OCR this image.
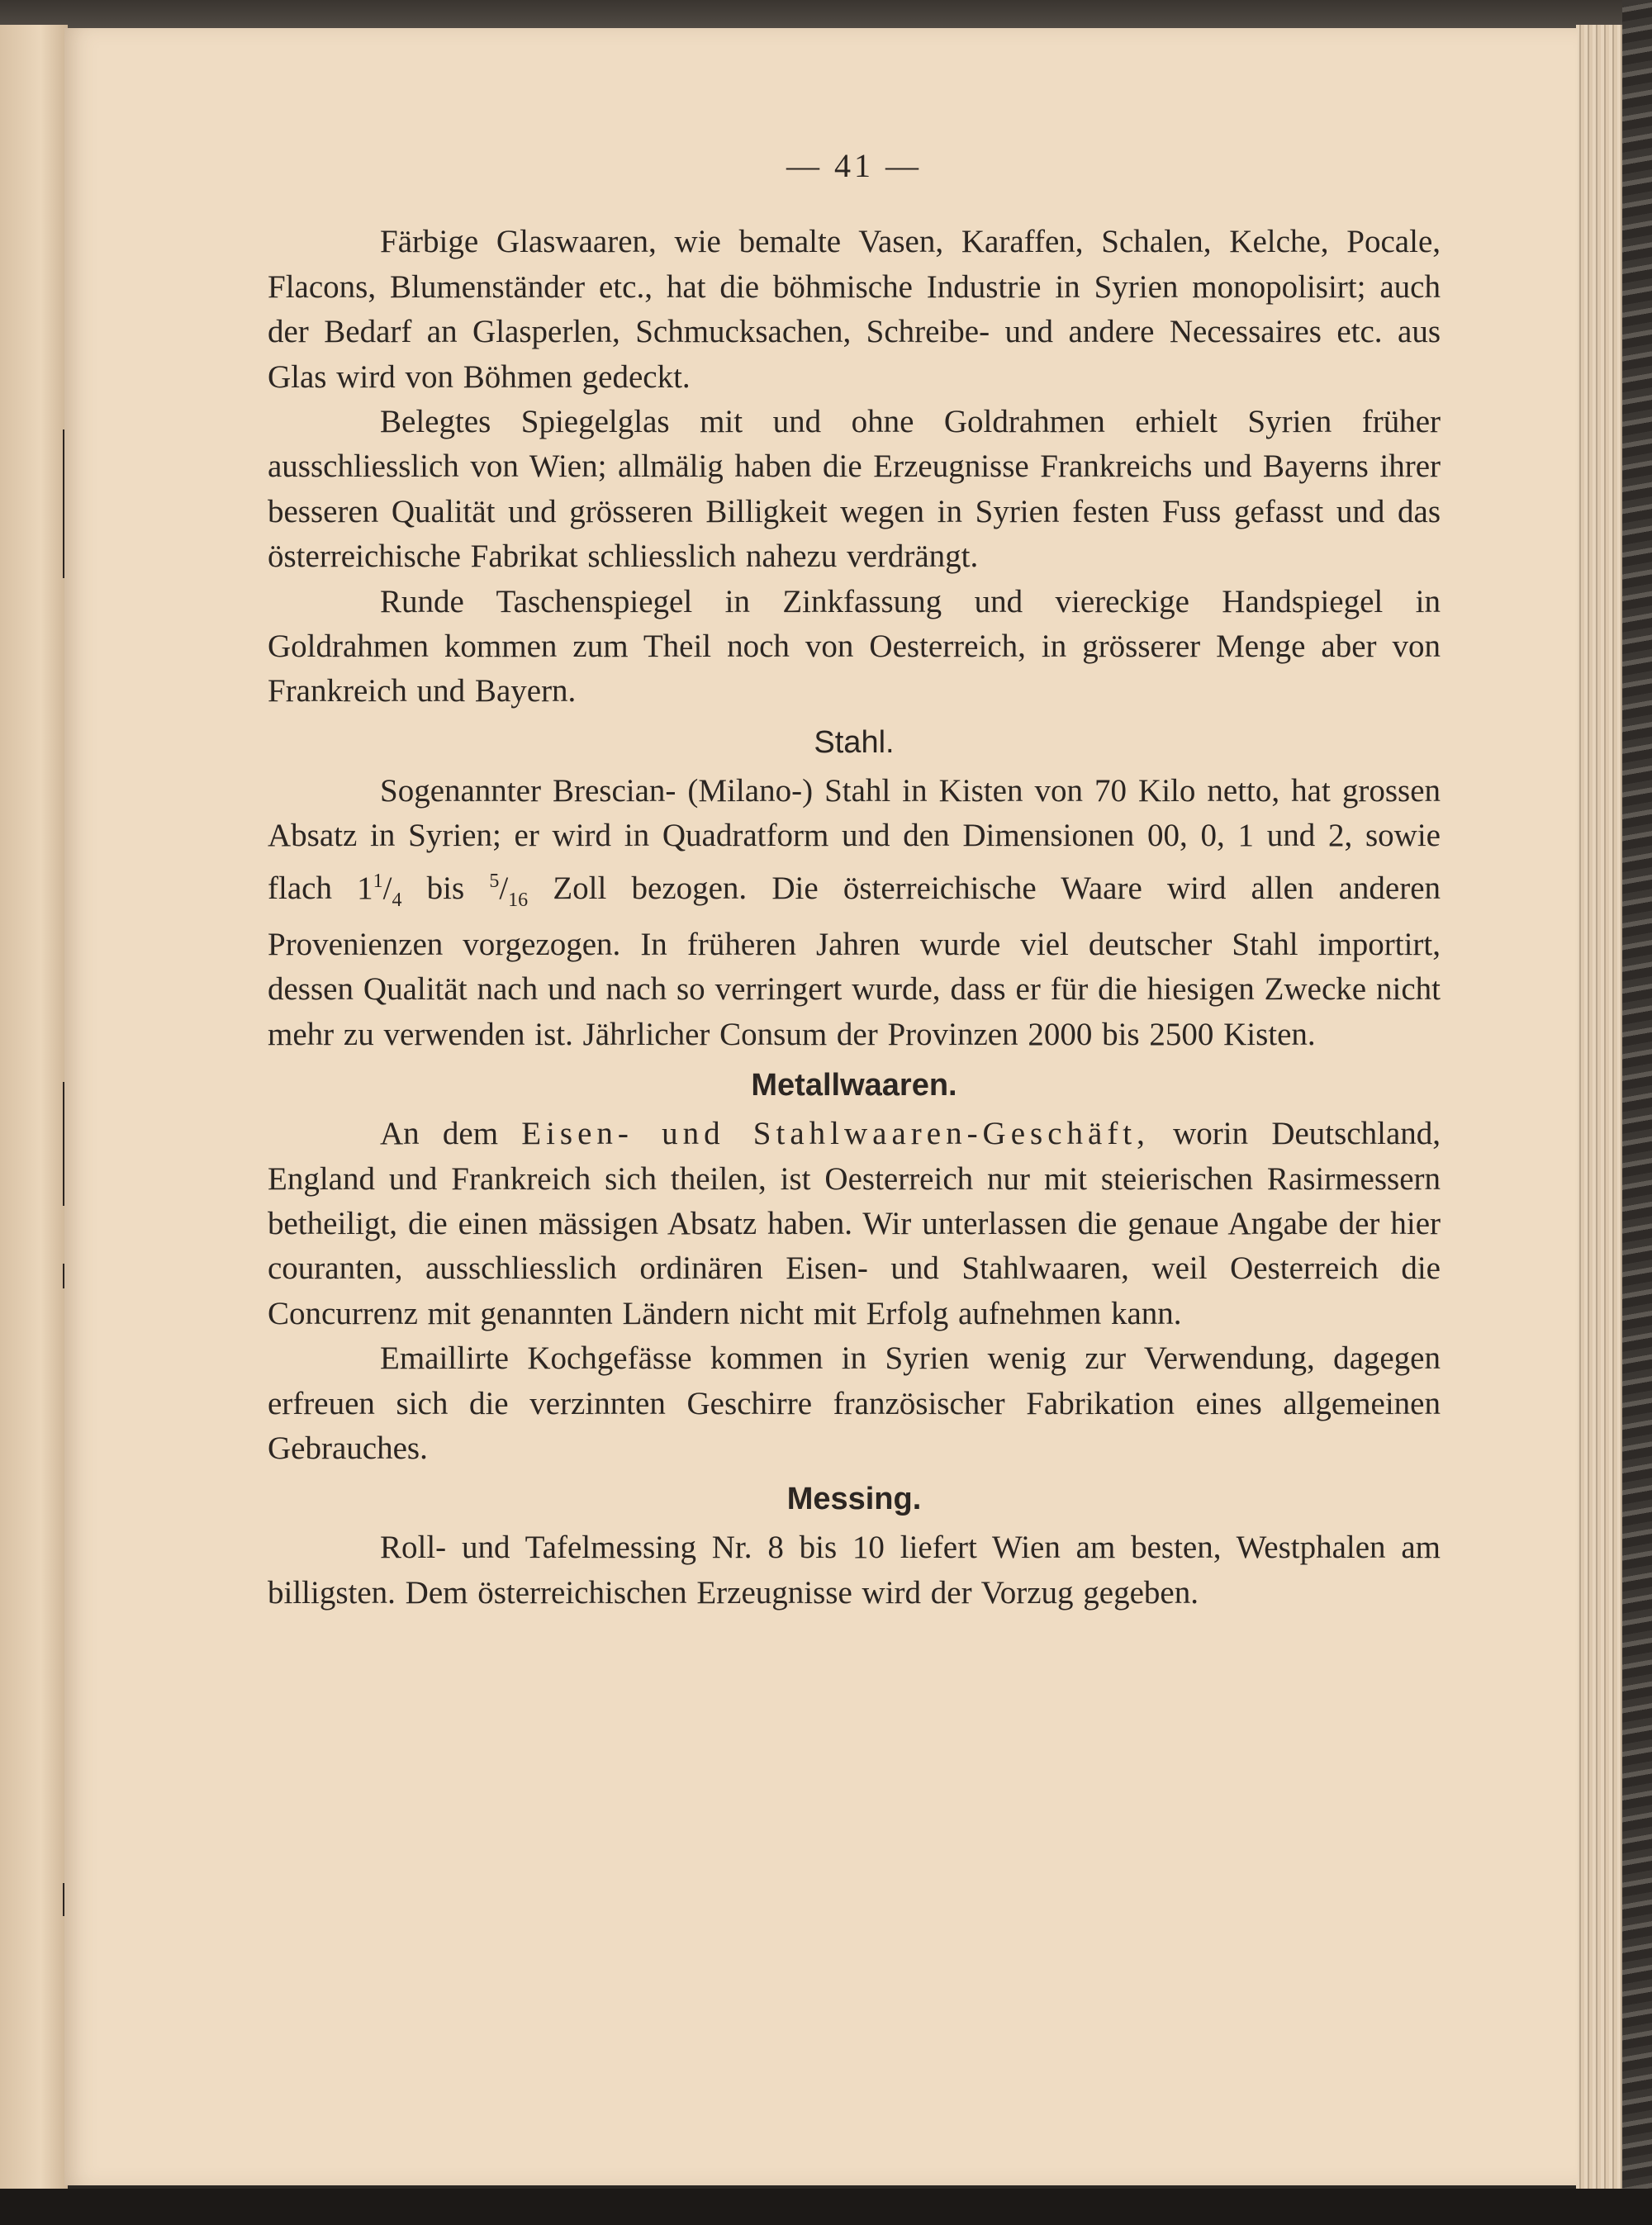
— 41 —

Färbige Glaswaaren, wie bemalte Vasen, Karaffen, Schalen, Kelche, Pocale, Flacons, Blumenständer etc., hat die böhmische Industrie in Syrien monopolisirt; auch der Bedarf an Glasperlen, Schmucksachen, Schreibe- und andere Necessaires etc. aus Glas wird von Böhmen gedeckt.

Belegtes Spiegelglas mit und ohne Goldrahmen erhielt Syrien früher ausschliesslich von Wien; allmälig haben die Erzeugnisse Frankreichs und Bayerns ihrer besseren Qualität und grösseren Billigkeit wegen in Syrien festen Fuss gefasst und das österreichische Fabrikat schliesslich nahezu verdrängt.

Runde Taschenspiegel in Zinkfassung und viereckige Handspiegel in Goldrahmen kommen zum Theil noch von Oesterreich, in grösserer Menge aber von Frankreich und Bayern.

Stahl.

Sogenannter Brescian- (Milano-) Stahl in Kisten von 70 Kilo netto, hat grossen Absatz in Syrien; er wird in Quadratform und den Dimensionen 00, 0, 1 und 2, sowie flach $1^1/_4$ bis $^5/_{16}$ Zoll bezogen. Die österreichische Waare wird allen anderen Provenienzen vorgezogen. In früheren Jahren wurde viel deutscher Stahl importirt, dessen Qualität nach und nach so verringert wurde, dass er für die hiesigen Zwecke nicht mehr zu verwenden ist. Jährlicher Consum der Provinzen 2000 bis 2500 Kisten.

Metallwaaren.

An dem Eisen- und Stahlwaaren-Geschäft, worin Deutschland, England und Frankreich sich theilen, ist Oesterreich nur mit steierischen Rasirmessern betheiligt, die einen mässigen Absatz haben. Wir unterlassen die genaue Angabe der hier couranten, ausschliesslich ordinären Eisen- und Stahlwaaren, weil Oesterreich die Concurrenz mit genannten Ländern nicht mit Erfolg aufnehmen kann.

Emaillirte Kochgefässe kommen in Syrien wenig zur Verwendung, dagegen erfreuen sich die verzinnten Geschirre französischer Fabrikation eines allgemeinen Gebrauches.

Messing.

Roll- und Tafelmessing Nr. 8 bis 10 liefert Wien am besten, Westphalen am billigsten. Dem österreichischen Erzeugnisse wird der Vorzug gegeben.
